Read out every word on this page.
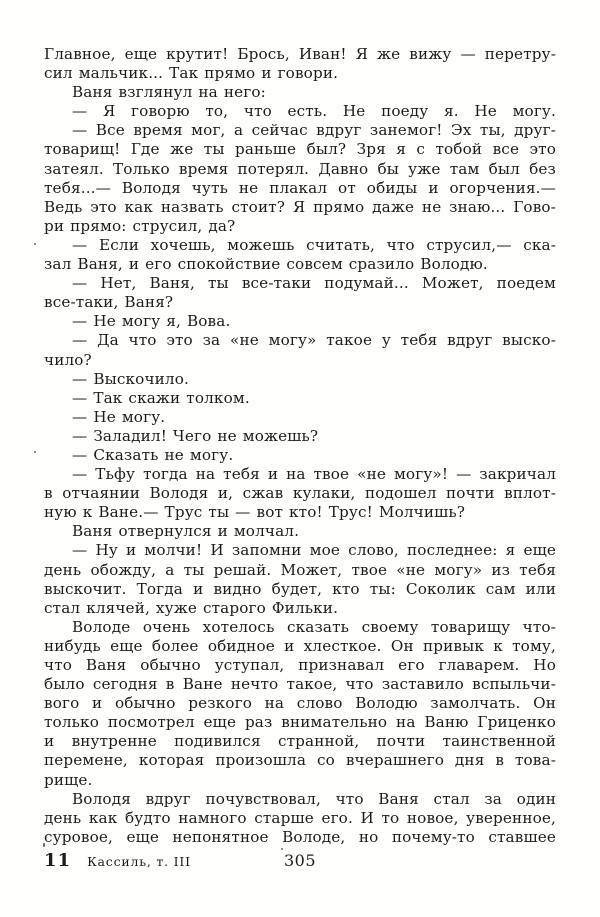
Главное, еще крутит! Брось, Иван! Я же вижу — перетру-
сил мальчик... Так прямо и говори.
Ваня взглянул на него:
— Я говорю то, что есть. Не поеду я. Не могу.
— Все время мог, а сейчас вдруг занемог! Эх ты, друг-
товарищ! Где же ты раньше был? Зря я с тобой все это
затеял. Только время потерял. Давно бы уже там был без
тебя...— Володя чуть не плакал от обиды и огорчения.—
Ведь это как назвать стоит? Я прямо даже не знаю... Гово-
ри прямо: струсил, да?
— Если хочешь, можешь считать, что струсил,— ска-
зал Ваня, и его спокойствие совсем сразило Володю.
— Нет, Ваня, ты все-таки подумай... Может, поедем
все-таки, Ваня?
— Не могу я, Вова.
— Да что это за «не могу» такое у тебя вдруг выско-
чило?
— Выскочило.
— Так скажи толком.
— Не могу.
— Заладил! Чего не можешь?
— Сказать не могу.
— Тьфу тогда на тебя и на твое «не могу»! — закричал
в отчаянии Володя и, сжав кулаки, подошел почти вплот-
ную к Ване.— Трус ты — вот кто! Трус! Молчишь?
Ваня отвернулся и молчал.
— Ну и молчи! И запомни мое слово, последнее: я еще
день обожду, а ты решай. Может, твое «не могу» из тебя
выскочит. Тогда и видно будет, кто ты: Соколик сам или
стал клячей, хуже старого Фильки.
Володе очень хотелось сказать своему товарищу что-
нибудь еще более обидное и хлесткое. Он привык к тому,
что Ваня обычно уступал, признавал его главарем. Но
было сегодня в Ване нечто такое, что заставило вспыльчи-
вого и обычно резкого на слово Володю замолчать. Он
только посмотрел еще раз внимательно на Ваню Гриценко
и внутренне подивился странной, почти таинственной
перемене, которая произошла со вчерашнего дня в това-
рище.
Володя вдруг почувствовал, что Ваня стал за один
день как будто намного старше его. И то новое, уверенное,
суровое, еще непонятное Володе, но почему-то ставшее
11 Кассиль, т. III	305
